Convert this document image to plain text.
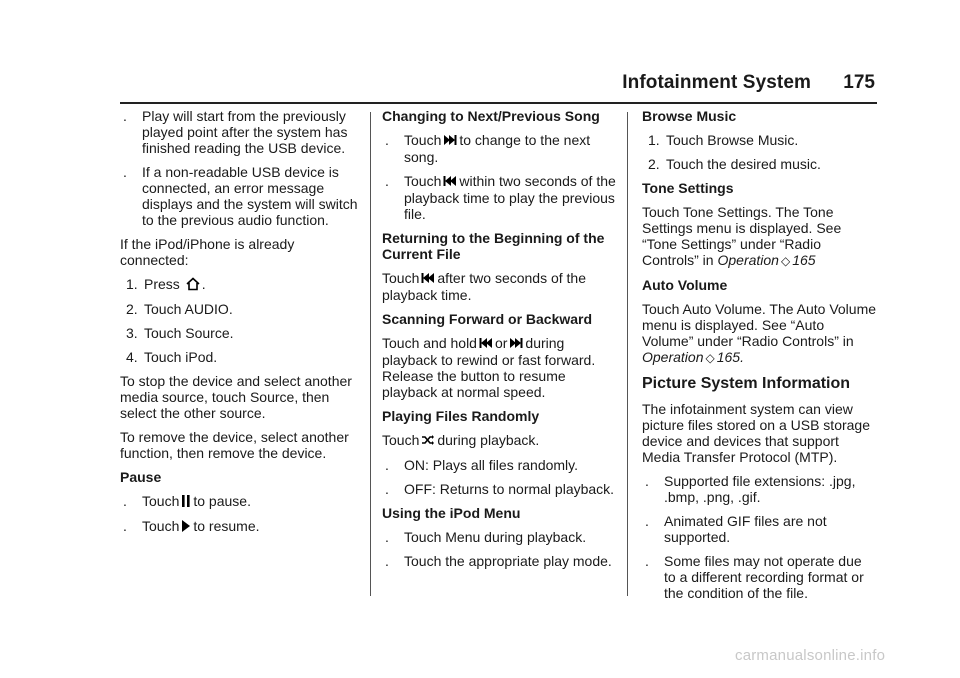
Infotainment System 175
. Play will start from the previously played point after the system has finished reading the USB device.
. If a non-readable USB device is connected, an error message displays and the system will switch to the previous audio function.

If the iPod/iPhone is already connected:

1. Press .
2. Touch AUDIO.
3. Touch Source.
4. Touch iPod.

To stop the device and select another media source, touch Source, then select the other source.

To remove the device, select another function, then remove the device.

Pause
. Touch to pause.
. Touch to resume.
Changing to Next/Previous Song
. Touch to change to the next song.
. Touch within two seconds of the playback time to play the previous file.
Returning to the Beginning of the Current File

Touch after two seconds of the playback time.

Scanning Forward or Backward

Touch and hold or during playback to rewind or fast forward. Release the button to resume playback at normal speed.

Playing Files Randomly

Touch during playback.

. ON: Plays all files randomly.
. OFF: Returns to normal playback.
Using the iPod Menu
. Touch Menu during playback.
. Touch the appropriate play mode.
Browse Music
1. Touch Browse Music.
2. Touch the desired music.
Tone Settings

Touch Tone Settings. The Tone Settings menu is displayed. See “Tone Settings” under “Radio Controls” in Operation ◇ 165

Auto Volume

Touch Auto Volume. The Auto Volume menu is displayed. See “Auto Volume” under “Radio Controls” in Operation ◇ 165.

Picture System Information

The infotainment system can view picture files stored on a USB storage device and devices that support Media Transfer Protocol (MTP).

. Supported file extensions: .jpg, .bmp, .png, .gif.
. Animated GIF files are not supported.
. Some files may not operate due to a different recording format or the condition of the file.
carmanualsonline.info
